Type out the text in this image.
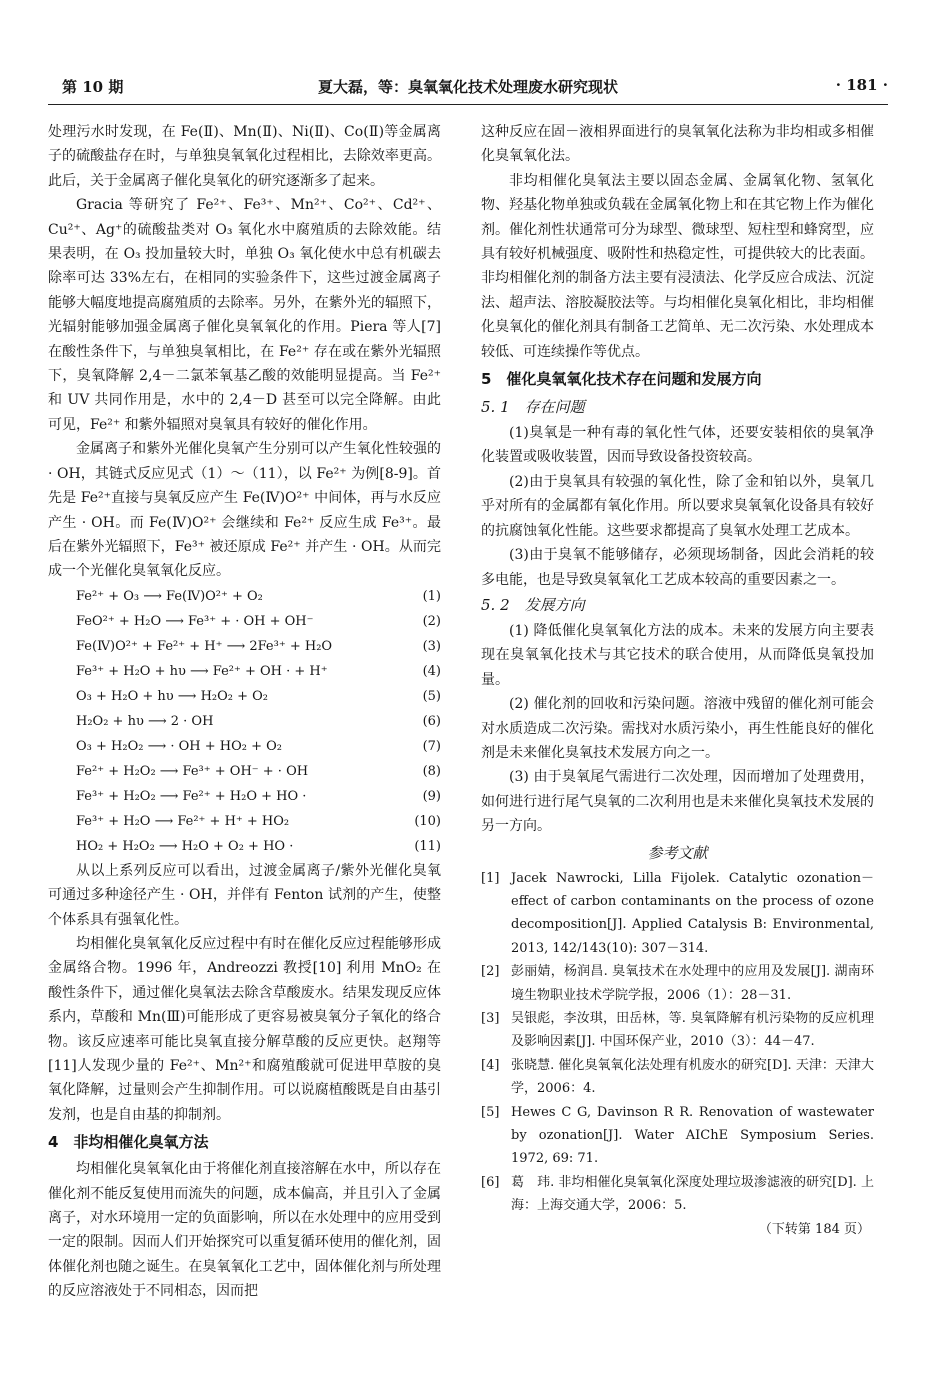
第 10 期	夏大磊，等：臭氧氧化技术处理废水研究现状	· 181 ·

处理污水时发现，在 Fe(Ⅱ)、Mn(Ⅱ)、Ni(Ⅱ)、Co(Ⅱ)等金属离子的硫酸盐存在时，与单独臭氧氧化过程相比，去除效率更高。此后，关于金属离子催化臭氧化的研究逐渐多了起来。

Gracia 等研究了 Fe²⁺、Fe³⁺、Mn²⁺、Co²⁺、Cd²⁺、Cu²⁺、Ag⁺的硫酸盐类对 O₃ 氧化水中腐殖质的去除效能。结果表明，在 O₃ 投加量较大时，单独 O₃ 氧化使水中总有机碳去除率可达 33%左右，在相同的实验条件下，这些过渡金属离子能够大幅度地提高腐殖质的去除率。另外，在紫外光的辐照下，光辐射能够加强金属离子催化臭氧氧化的作用。Piera 等人[7]在酸性条件下，与单独臭氧相比，在 Fe²⁺ 存在或在紫外光辐照下，臭氧降解 2,4－二氯苯氧基乙酸的效能明显提高。当 Fe²⁺和 UV 共同作用是，水中的 2,4－D 甚至可以完全降解。由此可见，Fe²⁺ 和紫外辐照对臭氧具有较好的催化作用。

金属离子和紫外光催化臭氧产生分别可以产生氧化性较强的 · OH，其链式反应见式（1）～（11），以 Fe²⁺ 为例[8-9]。首先是 Fe²⁺直接与臭氧反应产生 Fe(Ⅳ)O²⁺ 中间体，再与水反应产生 · OH。而 Fe(Ⅳ)O²⁺ 会继续和 Fe²⁺ 反应生成 Fe³⁺。最后在紫外光辐照下，Fe³⁺ 被还原成 Fe²⁺ 并产生 · OH。从而完成一个光催化臭氧氧化反应。

Fe²⁺ + O₃ ⟶ Fe(Ⅳ)O²⁺ + O₂	(1)
FeO²⁺ + H₂O ⟶ Fe³⁺ + · OH + OH⁻	(2)
Fe(Ⅳ)O²⁺ + Fe²⁺ + H⁺ ⟶ 2Fe³⁺ + H₂O	(3)
Fe³⁺ + H₂O + hυ ⟶ Fe²⁺ + OH · + H⁺	(4)
O₃ + H₂O + hυ ⟶ H₂O₂ + O₂	(5)
H₂O₂ + hυ ⟶ 2 · OH	(6)
O₃ + H₂O₂ ⟶ · OH + HO₂ + O₂	(7)
Fe²⁺ + H₂O₂ ⟶ Fe³⁺ + OH⁻ + · OH	(8)
Fe³⁺ + H₂O₂ ⟶ Fe²⁺ + H₂O + HO ·	(9)
Fe³⁺ + H₂O ⟶ Fe²⁺ + H⁺ + HO₂	(10)
HO₂ + H₂O₂ ⟶ H₂O + O₂ + HO ·	(11)

从以上系列反应可以看出，过渡金属离子/紫外光催化臭氧可通过多种途径产生 · OH，并伴有 Fenton 试剂的产生，使整个体系具有强氧化性。

均相催化臭氧氧化反应过程中有时在催化反应过程能够形成金属络合物。1996 年，Andreozzi 教授[10] 利用 MnO₂ 在酸性条件下，通过催化臭氧法去除含草酸废水。结果发现反应体系内，草酸和 Mn(Ⅲ)可能形成了更容易被臭氧分子氧化的络合物。该反应速率可能比臭氧直接分解草酸的反应更快。赵翔等[11]人发现少量的 Fe²⁺、Mn²⁺和腐殖酸就可促进甲草胺的臭氧化降解，过量则会产生抑制作用。可以说腐植酸既是自由基引发剂，也是自由基的抑制剂。

4　非均相催化臭氧方法

均相催化臭氧氧化由于将催化剂直接溶解在水中，所以存在催化剂不能反复使用而流失的问题，成本偏高，并且引入了金属离子，对水环境用一定的负面影响，所以在水处理中的应用受到一定的限制。因而人们开始探究可以重复循环使用的催化剂，固体催化剂也随之诞生。在臭氧氧化工艺中，固体催化剂与所处理的反应溶液处于不同相态，因而把

这种反应在固－液相界面进行的臭氧氧化法称为非均相或多相催化臭氧氧化法。

非均相催化臭氧法主要以固态金属、金属氧化物、氢氧化物、羟基化物单独或负载在金属氧化物上和在其它物上作为催化剂。催化剂性状通常可分为球型、微球型、短柱型和蜂窝型，应具有较好机械强度、吸附性和热稳定性，可提供较大的比表面。非均相催化剂的制备方法主要有浸渍法、化学反应合成法、沉淀法、超声法、溶胶凝胶法等。与均相催化臭氧化相比，非均相催化臭氧化的催化剂具有制备工艺简单、无二次污染、水处理成本较低、可连续操作等优点。

5　催化臭氧氧化技术存在问题和发展方向
5. 1　存在问题

(1)臭氧是一种有毒的氧化性气体，还要安装相依的臭氧净化装置或吸收装置，因而导致设备投资较高。

(2)由于臭氧具有较强的氧化性，除了金和铂以外，臭氧几乎对所有的金属都有氧化作用。所以要求臭氧氧化设备具有较好的抗腐蚀氧化性能。这些要求都提高了臭氧水处理工艺成本。

(3)由于臭氧不能够储存，必须现场制备，因此会消耗的较多电能，也是导致臭氧氧化工艺成本较高的重要因素之一。

5. 2　发展方向

(1) 降低催化臭氧氧化方法的成本。未来的发展方向主要表现在臭氧氧化技术与其它技术的联合使用，从而降低臭氧投加量。

(2) 催化剂的回收和污染问题。溶液中残留的催化剂可能会对水质造成二次污染。需找对水质污染小，再生性能良好的催化剂是未来催化臭氧技术发展方向之一。

(3) 由于臭氧尾气需进行二次处理，因而增加了处理费用，如何进行进行尾气臭氧的二次利用也是未来催化臭氧技术发展的另一方向。

参考文献
[1] Jacek Nawrocki, Lilla Fijolek. Catalytic ozonation－effect of carbon contaminants on the process of ozone decomposition[J]. Applied Catalysis B: Environmental, 2013, 142/143(10): 307－314.
[2] 彭丽婧，杨润昌. 臭氧技术在水处理中的应用及发展[J]. 湖南环境生物职业技术学院学报，2006（1）：28－31.
[3] 吴银彪，李汝琪，田岳林，等. 臭氧降解有机污染物的反应机理及影响因素[J]. 中国环保产业，2010（3）：44－47.
[4] 张晓慧. 催化臭氧氧化法处理有机废水的研究[D]. 天津：天津大学，2006：4.
[5] Hewes C G, Davinson R R. Renovation of wastewater by ozonation[J]. Water AIChE Symposium Series. 1972, 69: 71.
[6] 葛　玮. 非均相催化臭氧氧化深度处理垃圾渗滤液的研究[D]. 上海：上海交通大学，2006：5.
（下转第 184 页）
